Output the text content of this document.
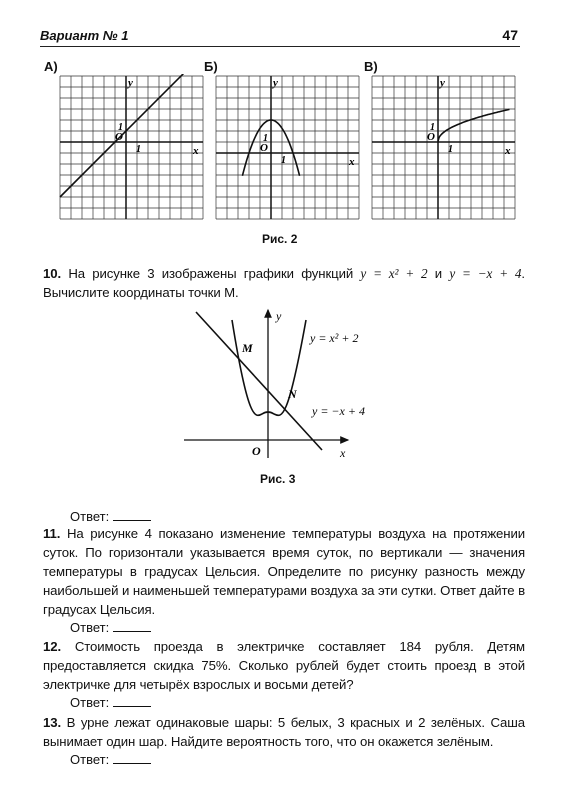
Вариант № 1	47
А)	Б)	В)
y
x
O
1
1
y
x
O
1
1
y
x
O
1
1
Рис. 2
10. На рисунке 3 изображены графики функций y = x² + 2 и y = −x + 4. Вычислите координаты точки M.
M
N
O	x
y
y = x² + 2
y = −x + 4
Рис. 3
Ответ:
11. На рисунке 4 показано изменение температуры воздуха на протяжении суток. По горизонтали указывается время суток, по вертикали — значения температуры в градусах Цельсия. Определите по рисунку разность между наибольшей и наименьшей температурами воздуха за эти сутки. Ответ дайте в градусах Цельсия.
Ответ:
12. Стоимость проезда в электричке составляет 184 рубля. Детям предоставляется скидка 75%. Сколько рублей будет стоить проезд в этой электричке для четырёх взрослых и восьми детей?
Ответ:
13. В урне лежат одинаковые шары: 5 белых, 3 красных и 2 зелёных. Саша вынимает один шар. Найдите вероятность того, что он окажется зелёным.
Ответ:
